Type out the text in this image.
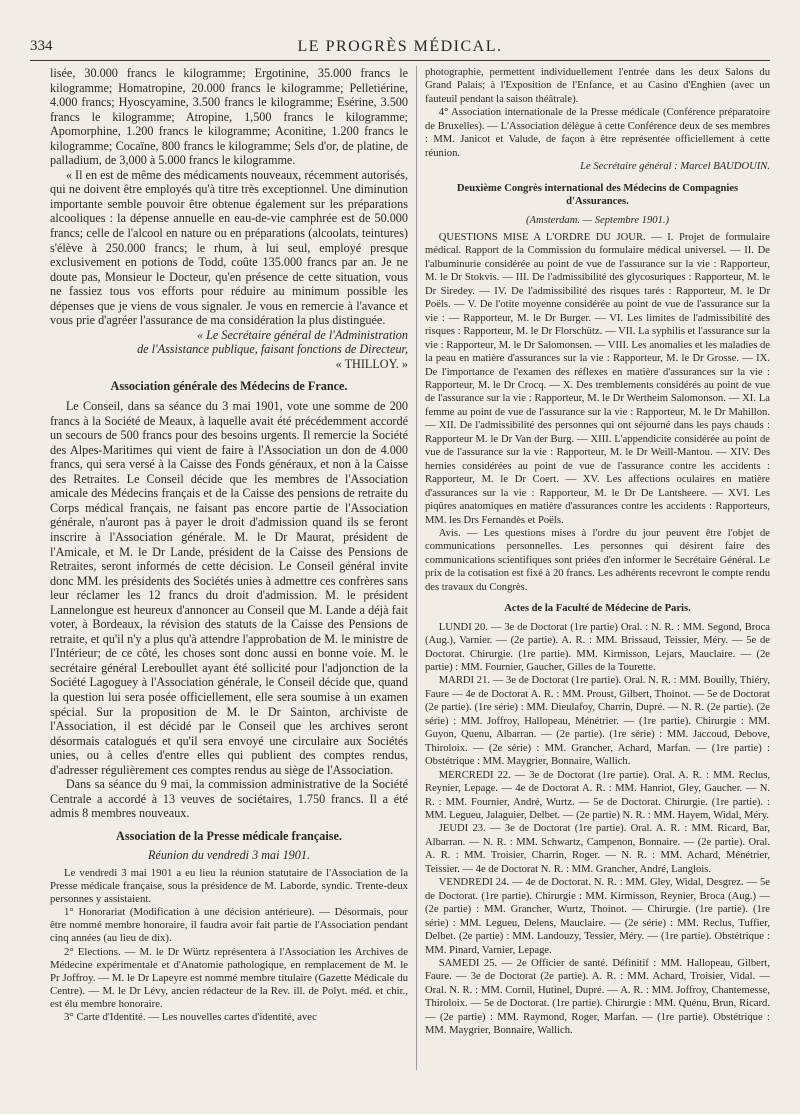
334	LE PROGRÈS MÉDICAL.

lisée, 30.000 francs le kilogramme; Ergotinine, 35.000 francs le kilogramme; Homatropine, 20.000 francs le kilogramme; Pelletiérine, 4.000 francs; Hyoscyamine, 3.500 francs le kilogramme; Esérine, 3.500 francs le kilogramme; Atropine, 1,500 francs le kilogramme; Apomorphine, 1.200 francs le kilogramme; Aconitine, 1.200 francs le kilogramme; Cocaïne, 800 francs le kilogramme; Sels d'or, de platine, de palladium, de 3,000 à 5.000 francs le kilogramme.

« Il en est de même des médicaments nouveaux, récemment autorisés, qui ne doivent être employés qu'à titre très exceptionnel. Une diminution importante semble pouvoir être obtenue également sur les préparations alcooliques : la dépense annuelle en eau-de-vie camphrée est de 50.000 francs; celle de l'alcool en nature ou en préparations (alcoolats, teintures) s'élève à 250.000 francs; le rhum, à lui seul, employé presque exclusivement en potions de Todd, coûte 135.000 francs par an. Je ne doute pas, Monsieur le Docteur, qu'en présence de cette situation, vous ne fassiez tous vos efforts pour réduire au minimum possible les dépenses que je viens de vous signaler. Je vous en remercie à l'avance et vous prie d'agréer l'assurance de ma considération la plus distinguée.

« Le Secrétaire général de l'Administration

de l'Assistance publique, faisant fonctions de Directeur,

« THILLOY. »

Association générale des Médecins de France.

Le Conseil, dans sa séance du 3 mai 1901, vote une somme de 200 francs à la Société de Meaux, à laquelle avait été précédemment accordé un secours de 500 francs pour des besoins urgents. Il remercie la Société des Alpes-Maritimes qui vient de faire à l'Association un don de 4.000 francs, qui sera versé à la Caisse des Fonds généraux, et non à la Caisse des Retraites. Le Conseil décide que les membres de l'Association amicale des Médecins français et de la Caisse des pensions de retraite du Corps médical français, ne faisant pas encore partie de l'Association générale, n'auront pas à payer le droit d'admission quand ils se feront inscrire à l'Association générale. M. le Dr Maurat, président de l'Amicale, et M. le Dr Lande, président de la Caisse des Pensions de Retraites, seront informés de cette décision. Le Conseil général invite donc MM. les présidents des Sociétés unies à admettre ces confrères sans leur réclamer les 12 francs du droit d'admission. M. le président Lannelongue est heureux d'annoncer au Conseil que M. Lande a déjà fait voter, à Bordeaux, la révision des statuts de la Caisse des Pensions de retraite, et qu'il n'y a plus qu'à attendre l'approbation de M. le ministre de l'Intérieur; de ce côté, les choses sont donc aussi en bonne voie. M. le secrétaire général Lereboullet ayant été sollicité pour l'adjonction de la Société Lagoguey à l'Association générale, le Conseil décide que, quand la question lui sera posée officiellement, elle sera soumise à un examen spécial. Sur la proposition de M. le Dr Sainton, archiviste de l'Association, il est décidé par le Conseil que les archives seront désormais catalogués et qu'il sera envoyé une circulaire aux Sociétés unies, ou à celles d'entre elles qui publient des comptes rendus, d'adresser régulièrement ces comptes rendus au siège de l'Association.

Dans sa séance du 9 mai, la commission administrative de la Société Centrale a accordé à 13 veuves de sociétaires, 1.750 francs. Il a été admis 8 membres nouveaux.

Association de la Presse médicale française.
Réunion du vendredi 3 mai 1901.

Le vendredi 3 mai 1901 a eu lieu la réunion statutaire de l'Association de la Presse médicale française, sous la présidence de M. Laborde, syndic. Trente-deux personnes y assistaient.

1° Honorariat (Modification à une décision antérieure). — Désormais, pour être nommé membre honoraire, il faudra avoir fait partie de l'Association pendant cinq années (au lieu de dix).

2° Elections. — M. le Dr Würtz représentera à l'Association les Archives de Médecine expérimentale et d'Anatomie pathologique, en remplacement de M. le Pr Joffroy. — M. le Dr Lapeyre est nommé membre titulaire (Gazette Médicale du Centre). — M. le Dr Lévy, ancien rédacteur de la Rev. ill. de Polyt. méd. et chir., est élu membre honoraire.

3° Carte d'Identité. — Les nouvelles cartes d'identité, avec

photographie, permettent individuellement l'entrée dans les deux Salons du Grand Palais; à l'Exposition de l'Enfance, et au Casino d'Enghien (avec un fauteuil pendant la saison théâtrale).

4° Association internationale de la Presse médicale (Conférence préparatoire de Bruxelles). — L'Association délègue à cette Conférence deux de ses membres : MM. Janicot et Valude, de façon à être représentée officiellement à cette réunion.

Le Secrétaire général : Marcel BAUDOUIN.

Deuxième Congrès international des Médecins de Compagnies d'Assurances.
(Amsterdam. — Septembre 1901.)

QUESTIONS MISE A L'ORDRE DU JOUR. — I. Projet de formulaire médical. Rapport de la Commission du formulaire médical universel. — II. De l'albuminurie considérée au point de vue de l'assurance sur la vie : Rapporteur, M. le Dr Stokvis. — III. De l'admissibilité des glycosuriques : Rapporteur, M. le Dr Siredey. — IV. De l'admissibilité des risques tarés : Rapporteur, M. le Dr Poëls. — V. De l'otite moyenne considérée au point de vue de l'assurance sur la vie : — Rapporteur, M. le Dr Burger. — VI. Les limites de l'admissibilité des risques : Rapporteur, M. le Dr Florschütz. — VII. La syphilis et l'assurance sur la vie : Rapporteur, M. le Dr Salomonsen. — VIII. Les anomalies et les maladies de la peau en matière d'assurances sur la vie : Rapporteur, M. le Dr Grosse. — IX. De l'importance de l'examen des réflexes en matière d'assurances sur la vie : Rapporteur, M. le Dr Crocq. — X. Des tremblements considérés au point de vue de l'assurance sur la vie : Rapporteur, M. le Dr Wertheim Salomonson. — XI. La femme au point de vue de l'assurance sur la vie : Rapporteur, M. le Dr Mahillon. — XII. De l'admissibilité des personnes qui ont séjourné dans les pays chauds : Rapporteur M. le Dr Van der Burg. — XIII. L'appendicite considérée au point de vue de l'assurance sur la vie : Rapporteur, M. le Dr Weill-Mantou. — XIV. Des hernies considérées au point de vue de l'assurance contre les accidents : Rapporteur, M. le Dr Coert. — XV. Les affections oculaires en matière d'assurances sur la vie : Rapporteur, M. le Dr De Lantsheere. — XVI. Les piqûres anatomiques en matière d'assurances contre les accidents : Rapporteurs, MM. les Drs Fernandès et Poëls.

Avis. — Les questions mises à l'ordre du jour peuvent être l'objet de communications personnelles. Les personnes qui désirent faire des communications scientifiques sont priées d'en informer le Secrétaire Général. Le prix de la cotisation est fixé à 20 francs. Les adhérents recevront le compte rendu des travaux du Congrès.

Actes de la Faculté de Médecine de Paris.

LUNDI 20. — 3e de Doctorat (1re partie) Oral. : N. R. : MM. Segond, Broca (Aug.), Varnier. — (2e partie). A. R. : MM. Brissaud, Teissier, Méry. — 5e de Doctorat. Chirurgie. (1re partie). MM. Kirmisson, Lejars, Mauclaire. — (2e partie) : MM. Fournier, Gaucher, Gilles de la Tourette.

MARDI 21. — 3e de Doctorat (1re partie). Oral. N. R. : MM. Bouilly, Thiéry, Faure — 4e de Doctorat A. R. : MM. Proust, Gilbert, Thoinot. — 5e de Doctorat (2e partie). (1re série) : MM. Dieulafoy, Charrin, Dupré. — N. R. (2e partie). (2e série) : MM. Joffroy, Hallopeau, Ménétrier. — (1re partie). Chirurgie : MM. Guyon, Quenu, Albarran. — (2e partie). (1re série) : MM. Jaccoud, Debove, Thiroloix. — (2e série) : MM. Grancher, Achard, Marfan. — (1re partie) : Obstétrique : MM. Maygrier, Bonnaire, Wallich.

MERCREDI 22. — 3e de Doctorat (1re partie). Oral. A. R. : MM. Reclus, Reynier, Lepage. — 4e de Doctorat A. R. : MM. Hanriot, Gley, Gaucher. — N. R. : MM. Fournier, André, Wurtz. — 5e de Doctorat. Chirurgie. (1re partie). : MM. Legueu, Jalaguier, Delbet. — (2e partie) N. R. : MM. Hayem, Widal, Méry.

JEUDI 23. — 3e de Doctorat (1re partie). Oral. A. R. : MM. Ricard, Bar, Albarran. — N. R. : MM. Schwartz, Campenon, Bonnaire. — (2e partie). Oral. A. R. : MM. Troisier, Charrin, Roger. — N. R. : MM. Achard, Ménétrier, Teissier. — 4e de Doctorat N. R. : MM. Grancher, André, Langlois.

VENDREDI 24. — 4e de Doctorat. N. R. : MM. Gley, Widal, Desgrez. — 5e de Doctorat. (1re partie). Chirurgie : MM. Kirmisson, Reynier, Broca (Aug.) — (2e partie) : MM. Grancher, Wurtz, Thoinot. — Chirurgie. (1re partie). (1re série) : MM. Legueu, Delens, Mauclaire. — (2e série) : MM. Reclus, Tuffier, Delbet. (2e partie) : MM. Landouzy, Tessier, Méry. — (1re partie). Obstétrique : MM. Pinard, Varnier, Lepage.

SAMEDI 25. — 2e Officier de santé. Définitif : MM. Hallopeau, Gilbert, Faure. — 3e de Doctorat (2e partie). A. R. : MM. Achard, Troisier, Vidal. — Oral. N. R. : MM. Cornil, Hutinel, Dupré. — A. R. : MM. Joffroy, Chantemesse, Thiroloix. — 5e de Doctorat. (1re partie). Chirurgie : MM. Quénu, Brun, Ricard. — (2e partie) : MM. Raymond, Roger, Marfan. — (1re partie). Obstétrique : MM. Maygrier, Bonnaire, Wallich.
